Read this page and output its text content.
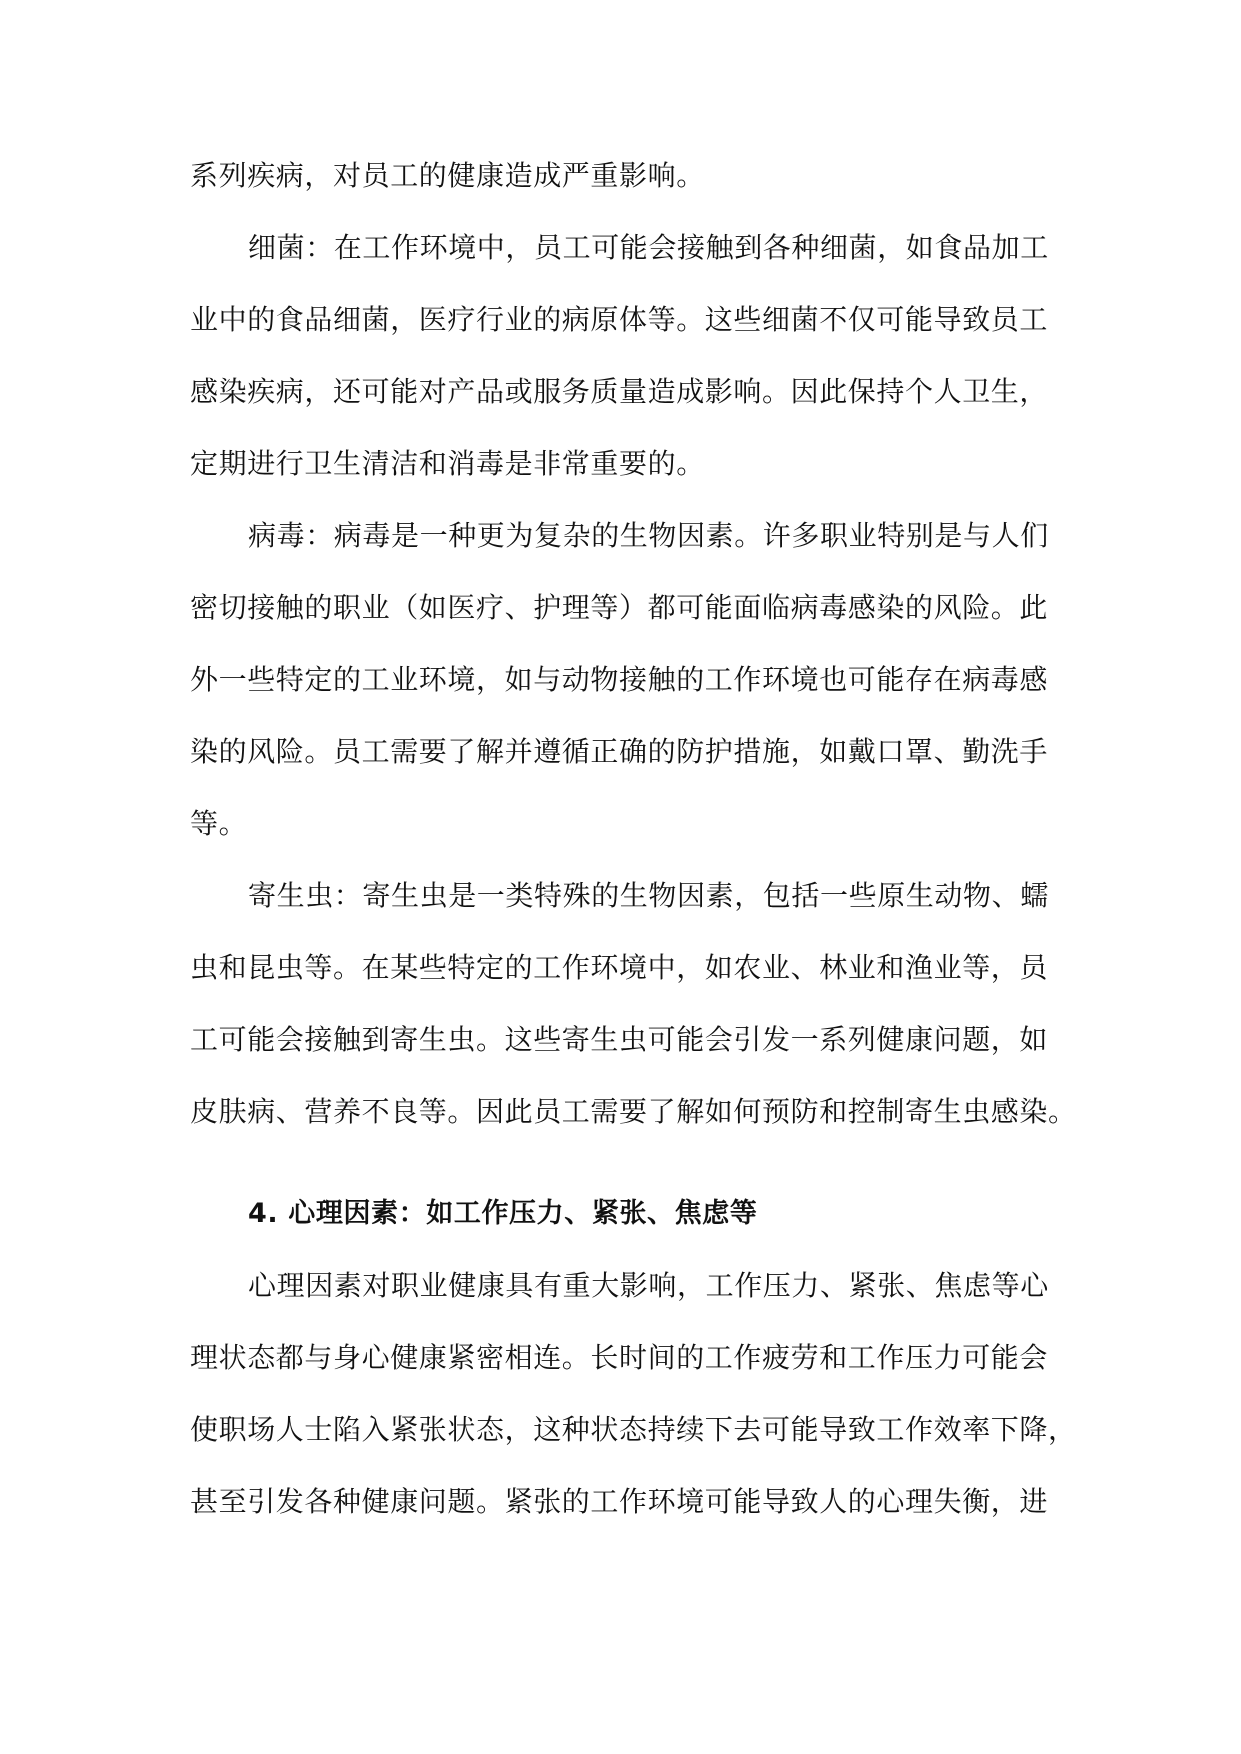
系列疾病，对员工的健康造成严重影响。
细菌：在工作环境中，员工可能会接触到各种细菌，如食品加工
业中的食品细菌，医疗行业的病原体等。这些细菌不仅可能导致员工
感染疾病，还可能对产品或服务质量造成影响。因此保持个人卫生，
定期进行卫生清洁和消毒是非常重要的。
病毒：病毒是一种更为复杂的生物因素。许多职业特别是与人们
密切接触的职业（如医疗、护理等）都可能面临病毒感染的风险。此
外一些特定的工业环境，如与动物接触的工作环境也可能存在病毒感
染的风险。员工需要了解并遵循正确的防护措施，如戴口罩、勤洗手
等。
寄生虫：寄生虫是一类特殊的生物因素，包括一些原生动物、蠕
虫和昆虫等。在某些特定的工作环境中，如农业、林业和渔业等，员
工可能会接触到寄生虫。这些寄生虫可能会引发一系列健康问题，如
皮肤病、营养不良等。因此员工需要了解如何预防和控制寄生虫感染。
4. 心理因素：如工作压力、紧张、焦虑等
心理因素对职业健康具有重大影响，工作压力、紧张、焦虑等心
理状态都与身心健康紧密相连。长时间的工作疲劳和工作压力可能会
使职场人士陷入紧张状态，这种状态持续下去可能导致工作效率下降，
甚至引发各种健康问题。紧张的工作环境可能导致人的心理失衡，进
